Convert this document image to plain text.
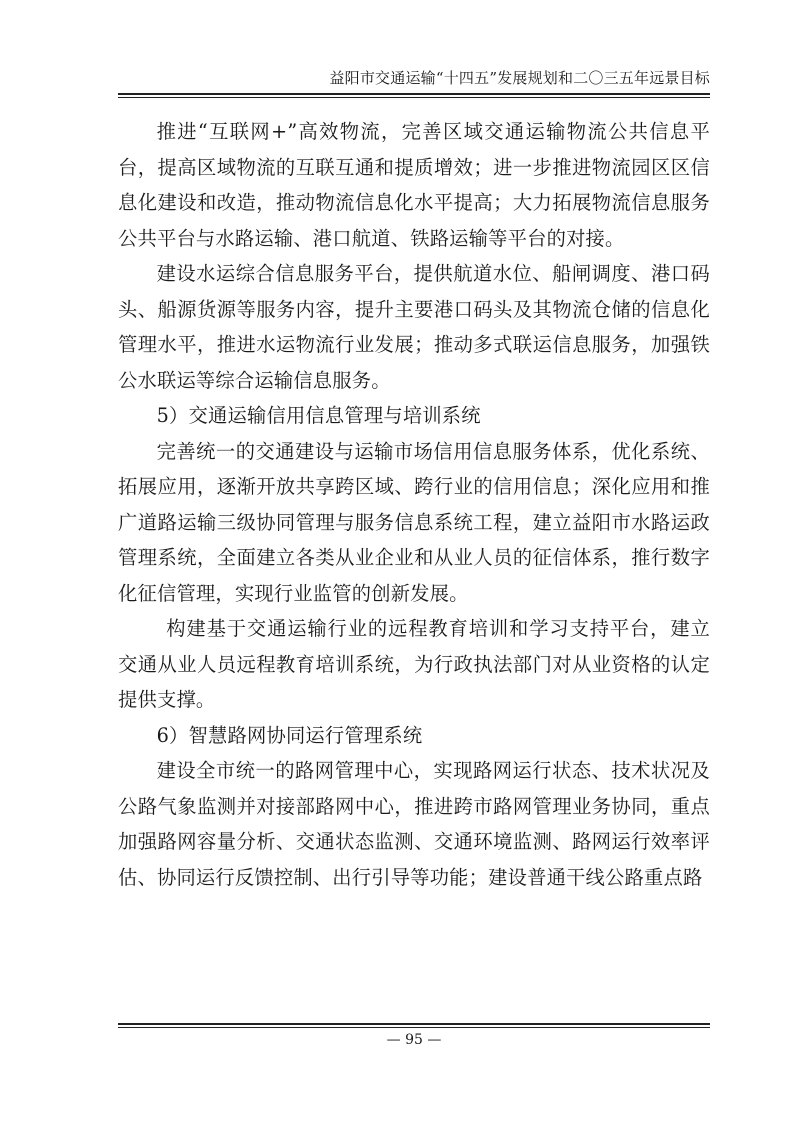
益阳市交通运输“十四五”发展规划和二〇三五年远景目标

推进“互联网+”高效物流，完善区域交通运输物流公共信息平台，提高区域物流的互联互通和提质增效；进一步推进物流园区区信息化建设和改造，推动物流信息化水平提高；大力拓展物流信息服务公共平台与水路运输、港口航道、铁路运输等平台的对接。

建设水运综合信息服务平台，提供航道水位、船闸调度、港口码头、船源货源等服务内容，提升主要港口码头及其物流仓储的信息化管理水平，推进水运物流行业发展；推动多式联运信息服务，加强铁公水联运等综合运输信息服务。

5）交通运输信用信息管理与培训系统

完善统一的交通建设与运输市场信用信息服务体系，优化系统、拓展应用，逐渐开放共享跨区域、跨行业的信用信息；深化应用和推广道路运输三级协同管理与服务信息系统工程，建立益阳市水路运政管理系统，全面建立各类从业企业和从业人员的征信体系，推行数字化征信管理，实现行业监管的创新发展。

构建基于交通运输行业的远程教育培训和学习支持平台，建立交通从业人员远程教育培训系统，为行政执法部门对从业资格的认定提供支撑。

6）智慧路网协同运行管理系统

建设全市统一的路网管理中心，实现路网运行状态、技术状况及公路气象监测并对接部路网中心，推进跨市路网管理业务协同，重点加强路网容量分析、交通状态监测、交通环境监测、路网运行效率评估、协同运行反馈控制、出行引导等功能；建设普通干线公路重点路

— 95 —
